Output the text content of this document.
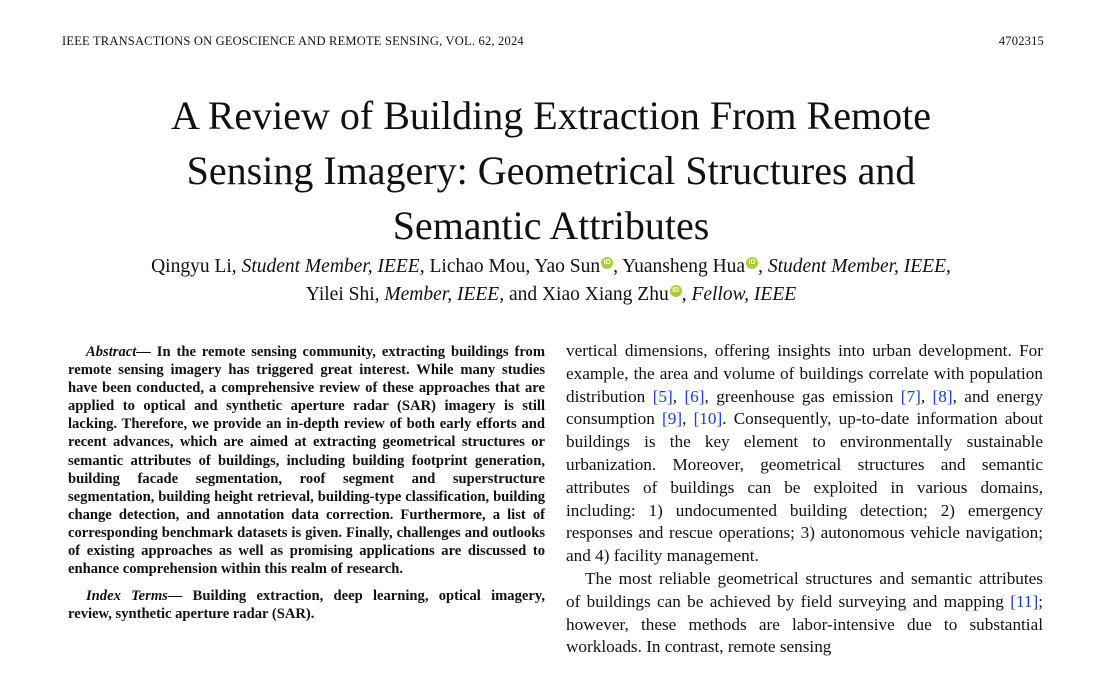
IEEE TRANSACTIONS ON GEOSCIENCE AND REMOTE SENSING, VOL. 62, 2024	4702315
A Review of Building Extraction From Remote
Sensing Imagery: Geometrical Structures and
Semantic Attributes
Qingyu Li, Student Member, IEEE, Lichao Mou, Yao Sun iD , Yuansheng Hua iD , Student Member, IEEE,
Yilei Shi, Member, IEEE, and Xiao Xiang Zhu iD , Fellow, IEEE

Abstract— In the remote sensing community, extracting buildings from remote sensing imagery has triggered great interest. While many studies have been conducted, a comprehensive review of these approaches that are applied to optical and synthetic aperture radar (SAR) imagery is still lacking. Therefore, we provide an in-depth review of both early efforts and recent advances, which are aimed at extracting geometrical structures or semantic attributes of buildings, including building footprint generation, building facade segmentation, roof segment and superstructure segmentation, building height retrieval, building-type classification, building change detection, and annotation data correction. Furthermore, a list of corresponding benchmark datasets is given. Finally, challenges and outlooks of existing approaches as well as promising applications are discussed to enhance comprehension within this realm of research.

Index Terms— Building extraction, deep learning, optical imagery, review, synthetic aperture radar (SAR).

vertical dimensions, offering insights into urban development. For example, the area and volume of buildings correlate with population distribution [5], [6], greenhouse gas emission [7], [8], and energy consumption [9], [10]. Consequently, up-to-date information about buildings is the key element to environmentally sustainable urbanization. Moreover, geometrical structures and semantic attributes of buildings can be exploited in various domains, including: 1) undocumented building detection; 2) emergency responses and rescue operations; 3) autonomous vehicle navigation; and 4) facility management.

The most reliable geometrical structures and semantic attributes of buildings can be achieved by field surveying and mapping [11]; however, these methods are labor-intensive due to substantial workloads. In contrast, remote sensing
